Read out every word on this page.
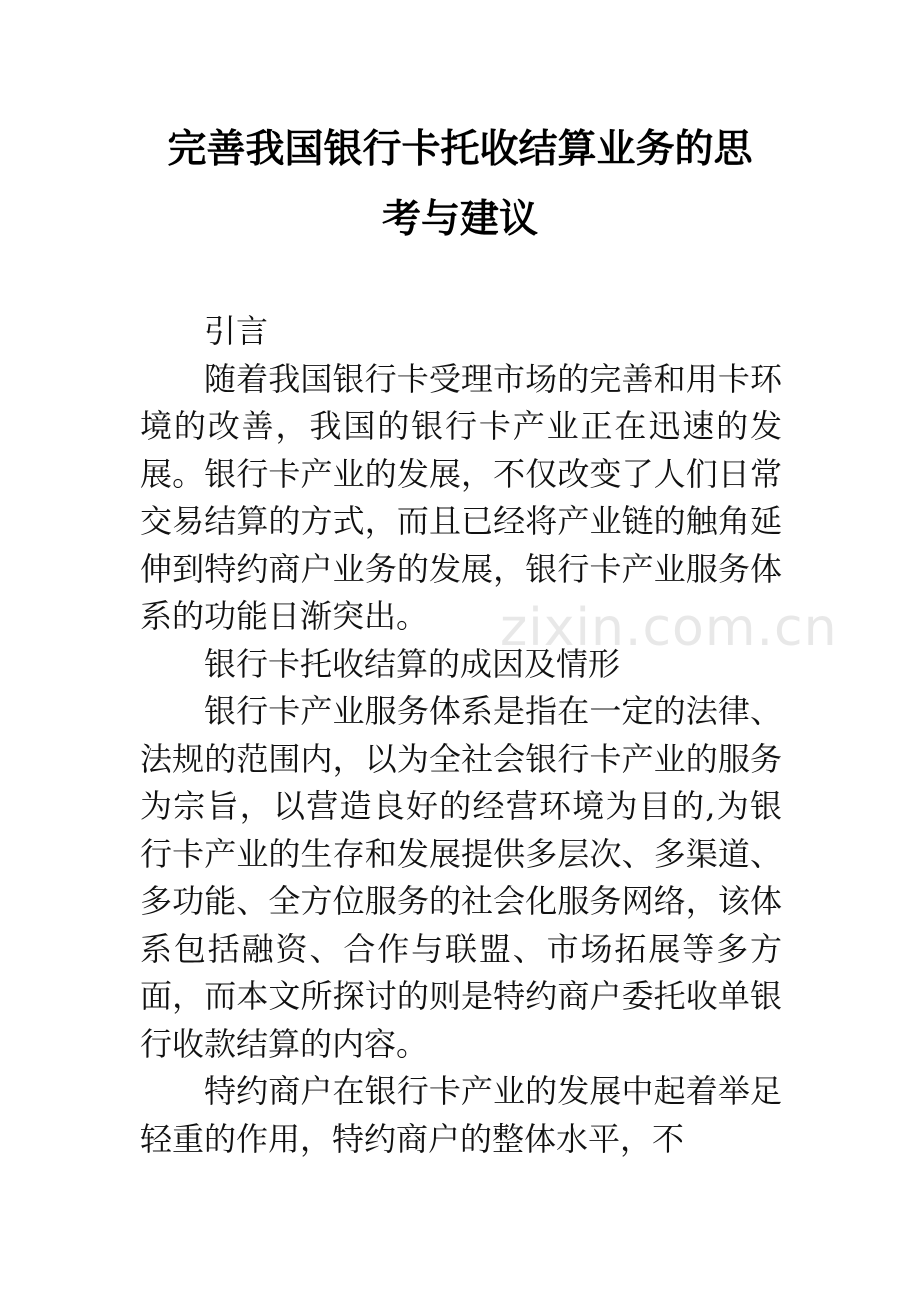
完善我国银行卡托收结算业务的思
考与建议

引言

随着我国银行卡受理市场的完善和用卡环境的改善，我国的银行卡产业正在迅速的发展。银行卡产业的发展，不仅改变了人们日常交易结算的方式，而且已经将产业链的触角延伸到特约商户业务的发展，银行卡产业服务体系的功能日渐突出。

银行卡托收结算的成因及情形

银行卡产业服务体系是指在一定的法律、法规的范围内，以为全社会银行卡产业的服务为宗旨，以营造良好的经营环境为目的,为银行卡产业的生存和发展提供多层次、多渠道、多功能、全方位服务的社会化服务网络，该体系包括融资、合作与联盟、市场拓展等多方面，而本文所探讨的则是特约商户委托收单银行收款结算的内容。

特约商户在银行卡产业的发展中起着举足轻重的作用，特约商户的整体水平，不

zixin.com.cn
